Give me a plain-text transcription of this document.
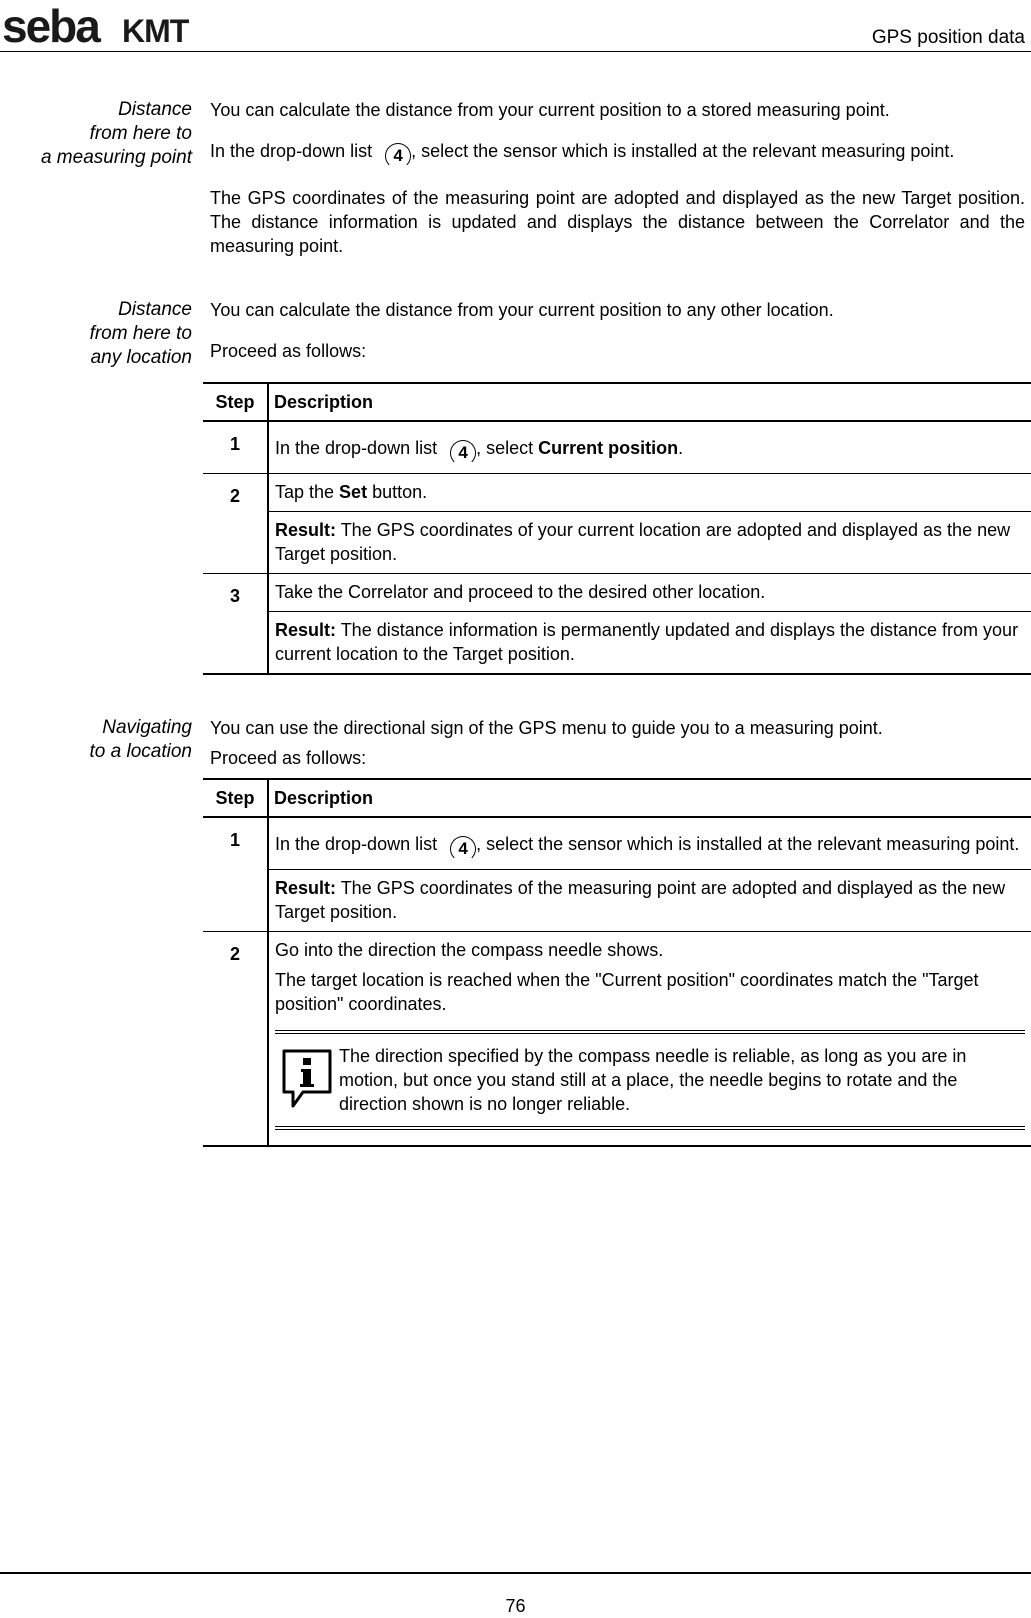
seba KMT	GPS position data
Distance
from here to
a measuring point

You can calculate the distance from your current position to a stored measuring point.

In the drop-down list 4 , select the sensor which is installed at the relevant measuring point.

The GPS coordinates of the measuring point are adopted and displayed as the new Target position. The distance information is updated and displays the distance between the Correlator and the measuring point.

Distance
from here to
any location

You can calculate the distance from your current position to any other location.

Proceed as follows:

Step	Description
1	In the drop-down list 4 , select Current position.
2	Tap the Set button.
	Result: The GPS coordinates of your current location are adopted and displayed as the new Target position.
3	Take the Correlator and proceed to the desired other location.
	Result: The distance information is permanently updated and displays the distance from your current location to the Target position.
Navigating
to a location

You can use the directional sign of the GPS menu to guide you to a measuring point.

Proceed as follows:

Step	Description
1	In the drop-down list 4 , select the sensor which is installed at the relevant measuring point.
	Result: The GPS coordinates of the measuring point are adopted and displayed as the new Target position.
2	Go into the direction the compass needle shows.
The target location is reached when the "Current position" coordinates match the "Target position" coordinates.
The direction specified by the compass needle is reliable, as long as you are in motion, but once you stand still at a place, the needle begins to rotate and the direction shown is no longer reliable.
76
